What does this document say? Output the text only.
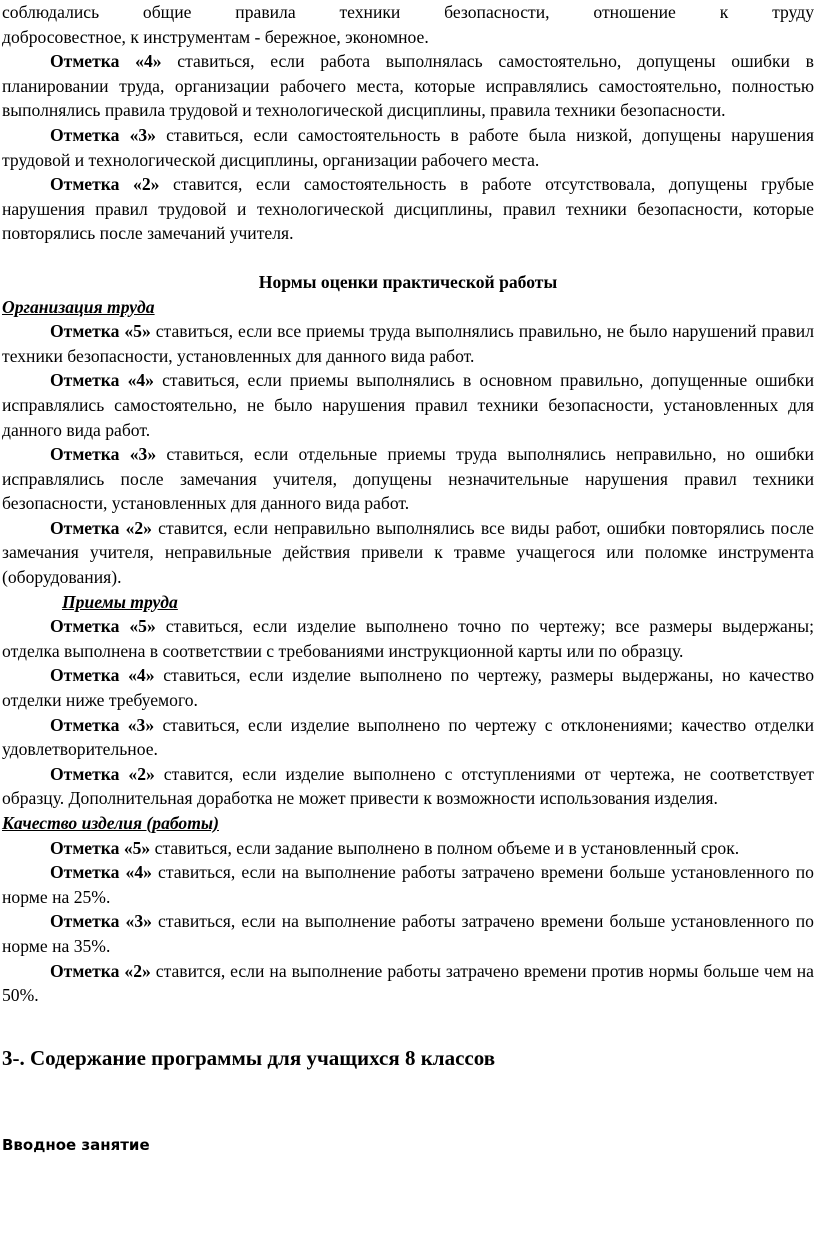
соблюдались общие правила техники безопасности, отношение к труду

добросовестное, к инструментам - бережное, экономное.

Отметка «4» ставиться, если работа выполнялась самостоятельно, допущены ошибки в планировании труда, организации рабочего места, которые исправлялись самостоятельно, полностью выполнялись правила трудовой и технологической дисциплины, правила техники безопасности.

Отметка «3» ставиться, если самостоятельность в работе была низкой, допущены нарушения трудовой и технологической дисциплины, организации рабочего места.

Отметка «2» ставится, если самостоятельность в работе отсутствовала, допущены грубые нарушения правил трудовой и технологической дисциплины, правил техники безопасности, которые повторялись после замечаний учителя.

Нормы оценки практической работы
Организация труда

Отметка «5» ставиться, если все приемы труда выполнялись правильно, не было нарушений правил техники безопасности, установленных для данного вида работ.

Отметка «4» ставиться, если приемы выполнялись в основном правильно, допущенные ошибки исправлялись самостоятельно, не было нарушения правил техники безопасности, установленных для данного вида работ.

Отметка «3» ставиться, если отдельные приемы труда выполнялись неправильно, но ошибки исправлялись после замечания учителя, допущены незначительные нарушения правил техники безопасности, установленных для данного вида работ.

Отметка «2» ставится, если неправильно выполнялись все виды работ, ошибки повторялись после замечания учителя, неправильные действия привели к травме учащегося или поломке инструмента (оборудования).

Приемы труда

Отметка «5» ставиться, если изделие выполнено точно по чертежу; все размеры выдержаны; отделка выполнена в соответствии с требованиями инструкционной карты или по образцу.

Отметка «4» ставиться, если изделие выполнено по чертежу, размеры выдержаны, но качество отделки ниже требуемого.

Отметка «3» ставиться, если изделие выполнено по чертежу с отклонениями; качество отделки удовлетворительное.

Отметка «2» ставится, если изделие выполнено с отступлениями от чертежа, не соответствует образцу. Дополнительная доработка не может привести к возможности использования изделия.

Качество изделия (работы)

Отметка «5» ставиться, если задание выполнено в полном объеме и в установленный срок.

Отметка «4» ставиться, если на выполнение работы затрачено времени больше установленного по норме на 25%.

Отметка «3» ставиться, если на выполнение работы затрачено времени больше установленного по норме на 35%.

Отметка «2» ставится, если на выполнение работы затрачено времени против нормы больше чем на 50%.

3-. Содержание программы для учащихся 8 классов
Вводное занятие
